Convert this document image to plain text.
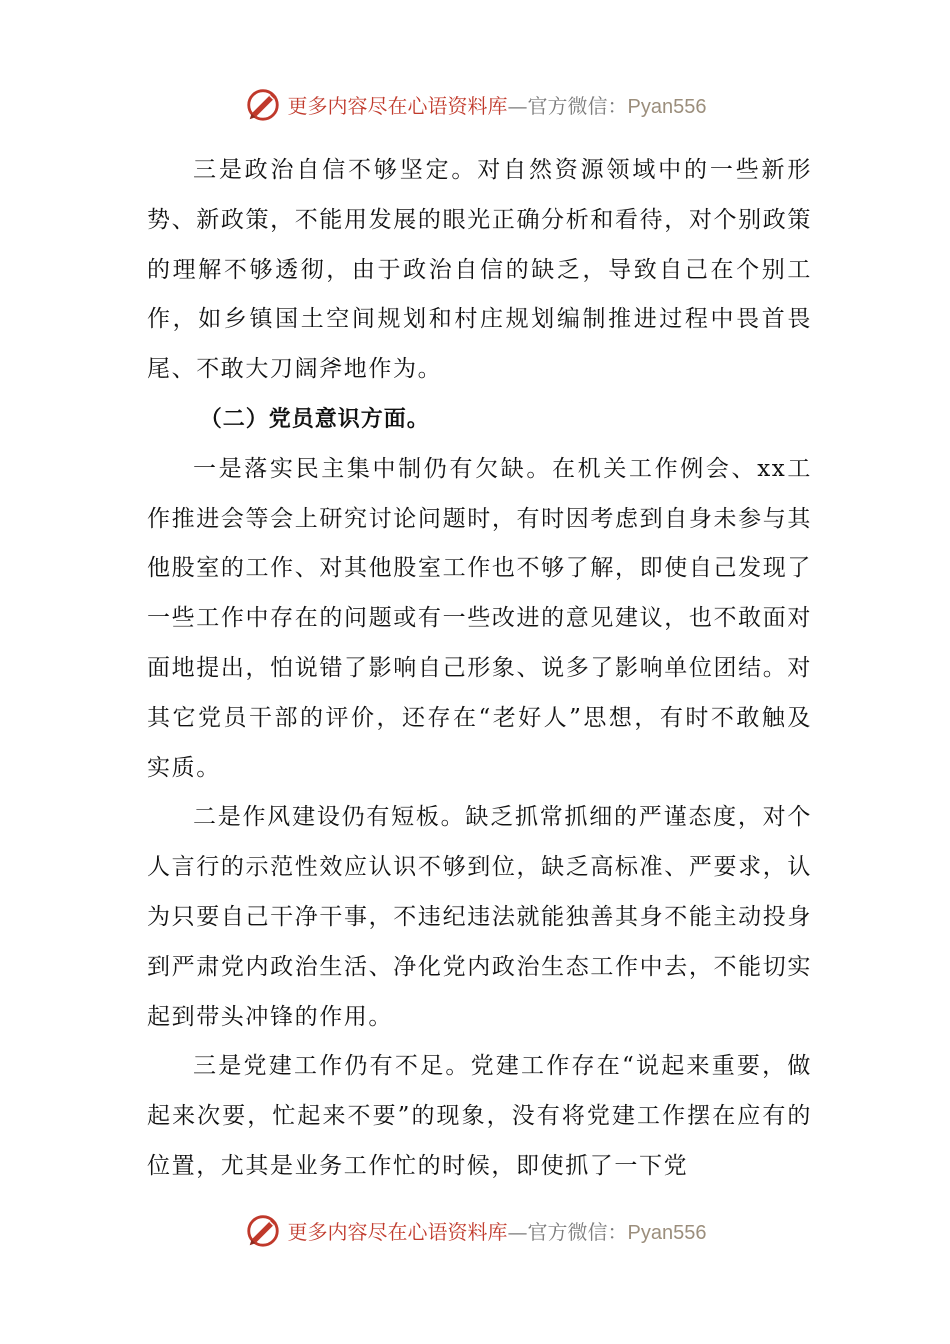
更多内容尽在心语资料库—官方微信：Pyan556

三是政治自信不够坚定。对自然资源领域中的一些新形势、新政策，不能用发展的眼光正确分析和看待，对个别政策的理解不够透彻，由于政治自信的缺乏，导致自己在个别工作，如乡镇国土空间规划和村庄规划编制推进过程中畏首畏尾、不敢大刀阔斧地作为。

（二）党员意识方面。

一是落实民主集中制仍有欠缺。在机关工作例会、xx工作推进会等会上研究讨论问题时，有时因考虑到自身未参与其他股室的工作、对其他股室工作也不够了解，即使自己发现了一些工作中存在的问题或有一些改进的意见建议，也不敢面对面地提出，怕说错了影响自己形象、说多了影响单位团结。对其它党员干部的评价，还存在“老好人”思想，有时不敢触及实质。

二是作风建设仍有短板。缺乏抓常抓细的严谨态度，对个人言行的示范性效应认识不够到位，缺乏高标准、严要求，认为只要自己干净干事，不违纪违法就能独善其身不能主动投身到严肃党内政治生活、净化党内政治生态工作中去，不能切实起到带头冲锋的作用。

三是党建工作仍有不足。党建工作存在“说起来重要，做起来次要，忙起来不要”的现象，没有将党建工作摆在应有的位置，尤其是业务工作忙的时候，即使抓了一下党

更多内容尽在心语资料库—官方微信：Pyan556
